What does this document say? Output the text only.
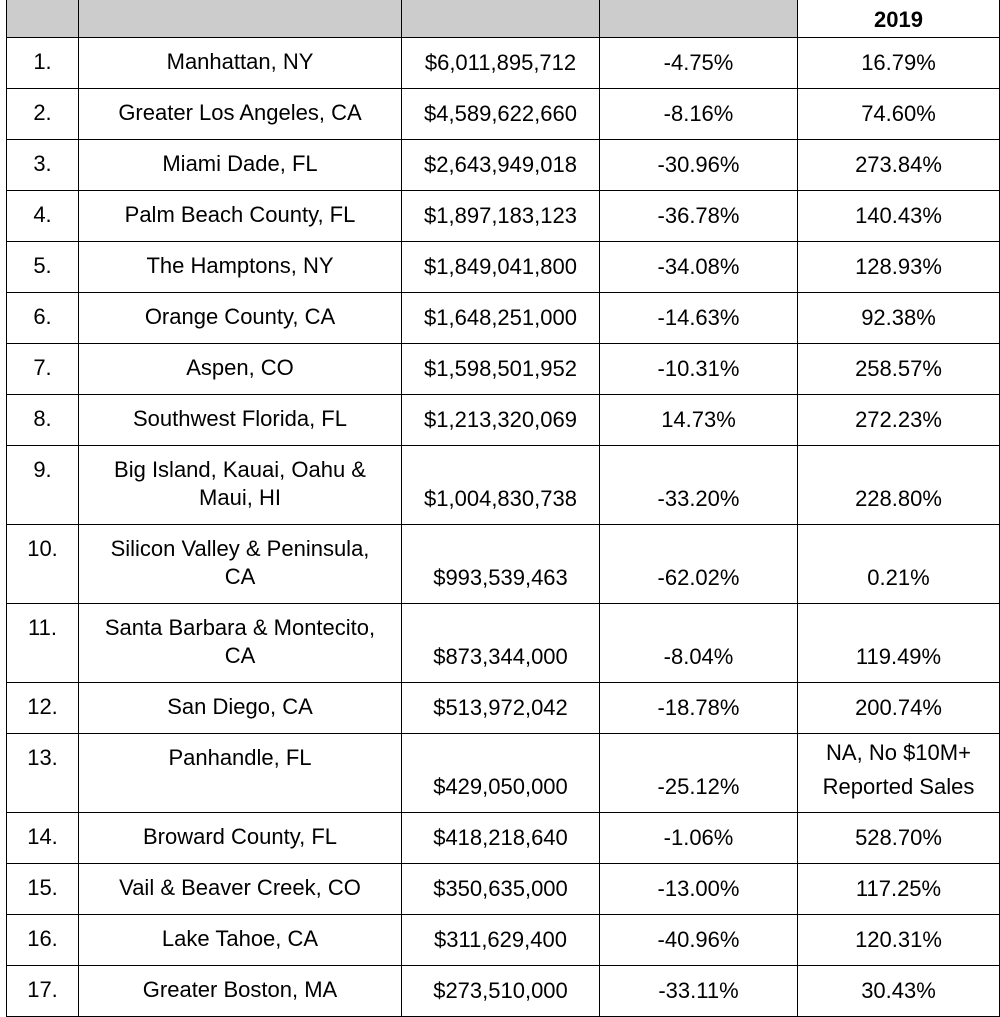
				2019

1.	Manhattan, NY	$6,011,895,712	-4.75%	16.79%

2.	Greater Los Angeles, CA	$4,589,622,660	-8.16%	74.60%

3.	Miami Dade, FL	$2,643,949,018	-30.96%	273.84%

4.	Palm Beach County, FL	$1,897,183,123	-36.78%	140.43%

5.	The Hamptons, NY	$1,849,041,800	-34.08%	128.93%

6.	Orange County, CA	$1,648,251,000	-14.63%	92.38%

7.	Aspen, CO	$1,598,501,952	-10.31%	258.57%

8.	Southwest Florida, FL	$1,213,320,069	14.73%	272.23%

9.	Big Island, Kauai, Oahu &
Maui, HI	$1,004,830,738	-33.20%	228.80%

10.	Silicon Valley & Peninsula,
CA	$993,539,463	-62.02%	0.21%

11.	Santa Barbara & Montecito,
CA	$873,344,000	-8.04%	119.49%

12.	San Diego, CA	$513,972,042	-18.78%	200.74%

13.	Panhandle, FL	$429,050,000	-25.12%	NA, No $10M+
Reported Sales

14.	Broward County, FL	$418,218,640	-1.06%	528.70%

15.	Vail & Beaver Creek, CO	$350,635,000	-13.00%	117.25%

16.	Lake Tahoe, CA	$311,629,400	-40.96%	120.31%

17.	Greater Boston, MA	$273,510,000	-33.11%	30.43%
